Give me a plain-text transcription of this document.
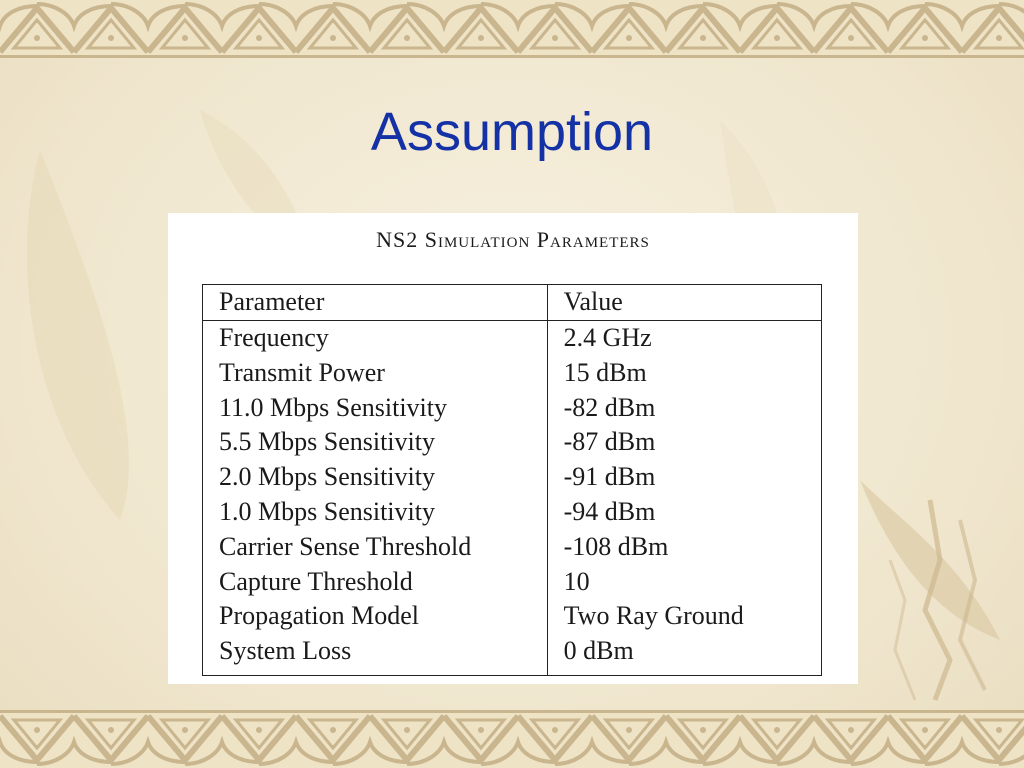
Assumption
NS2 Simulation Parameters
Parameter	Value
Frequency	2.4 GHz
Transmit Power	15 dBm
11.0 Mbps Sensitivity	-82 dBm
5.5 Mbps Sensitivity	-87 dBm
2.0 Mbps Sensitivity	-91 dBm
1.0 Mbps Sensitivity	-94 dBm
Carrier Sense Threshold	-108 dBm
Capture Threshold	10
Propagation Model	Two Ray Ground
System Loss	0 dBm
